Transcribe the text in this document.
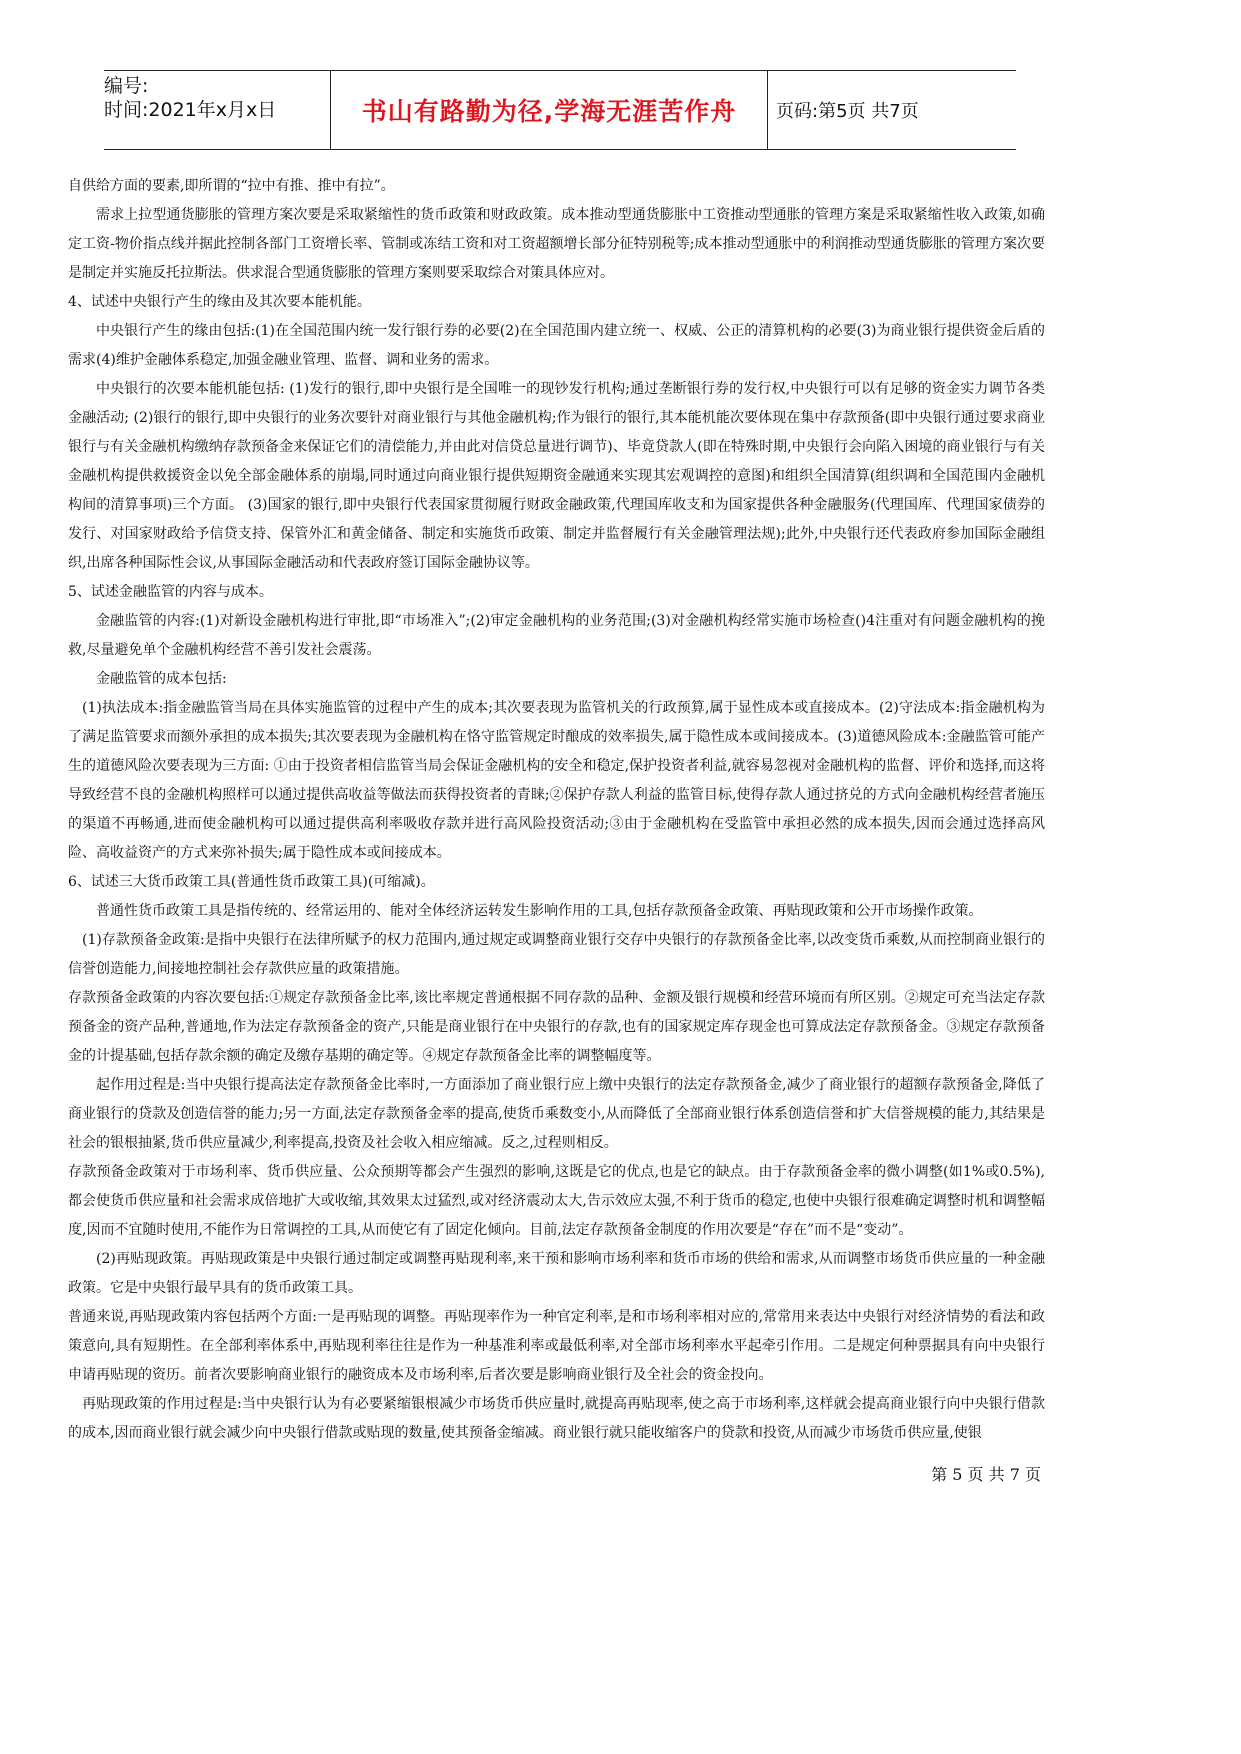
编号:
时间:2021年x月x日	书山有路勤为径,学海无涯苦作舟 页码:第5页 共7页

自供给方面的要素,即所谓的“拉中有推、推中有拉”。

需求上拉型通货膨胀的管理方案次要是采取紧缩性的货币政策和财政政策。成本推动型通货膨胀中工资推动型通胀的管理方案是采取紧缩性收入政策,如确定工资-物价指点线并据此控制各部门工资增长率、管制或冻结工资和对工资超额增长部分征特别税等;成本推动型通胀中的利润推动型通货膨胀的管理方案次要是制定并实施反托拉斯法。供求混合型通货膨胀的管理方案则要采取综合对策具体应对。

4、试述中央银行产生的缘由及其次要本能机能。

中央银行产生的缘由包括:(1)在全国范围内统一发行银行券的必要(2)在全国范围内建立统一、权威、公正的清算机构的必要(3)为商业银行提供资金后盾的需求(4)维护金融体系稳定,加强金融业管理、监督、调和业务的需求。

中央银行的次要本能机能包括: (1)发行的银行,即中央银行是全国唯一的现钞发行机构;通过垄断银行券的发行权,中央银行可以有足够的资金实力调节各类金融活动; (2)银行的银行,即中央银行的业务次要针对商业银行与其他金融机构;作为银行的银行,其本能机能次要体现在集中存款预备(即中央银行通过要求商业银行与有关金融机构缴纳存款预备金来保证它们的清偿能力,并由此对信贷总量进行调节)、毕竟贷款人(即在特殊时期,中央银行会向陷入困境的商业银行与有关金融机构提供救援资金以免全部金融体系的崩塌,同时通过向商业银行提供短期资金融通来实现其宏观调控的意图)和组织全国清算(组织调和全国范围内金融机构间的清算事项)三个方面。 (3)国家的银行,即中央银行代表国家贯彻履行财政金融政策,代理国库收支和为国家提供各种金融服务(代理国库、代理国家债券的发行、对国家财政给予信贷支持、保管外汇和黄金储备、制定和实施货币政策、制定并监督履行有关金融管理法规);此外,中央银行还代表政府参加国际金融组织,出席各种国际性会议,从事国际金融活动和代表政府签订国际金融协议等。

5、试述金融监管的内容与成本。

金融监管的内容:(1)对新设金融机构进行审批,即“市场准入”;(2)审定金融机构的业务范围;(3)对金融机构经常实施市场检查()4注重对有问题金融机构的挽救,尽量避免单个金融机构经营不善引发社会震荡。

金融监管的成本包括:

(1)执法成本:指金融监管当局在具体实施监管的过程中产生的成本;其次要表现为监管机关的行政预算,属于显性成本或直接成本。(2)守法成本:指金融机构为了满足监管要求而额外承担的成本损失;其次要表现为金融机构在恪守监管规定时酿成的效率损失,属于隐性成本或间接成本。(3)道德风险成本:金融监管可能产生的道德风险次要表现为三方面: ①由于投资者相信监管当局会保证金融机构的安全和稳定,保护投资者利益,就容易忽视对金融机构的监督、评价和选择,而这将导致经营不良的金融机构照样可以通过提供高收益等做法而获得投资者的青睐;②保护存款人利益的监管目标,使得存款人通过挤兑的方式向金融机构经营者施压的渠道不再畅通,进而使金融机构可以通过提供高利率吸收存款并进行高风险投资活动;③由于金融机构在受监管中承担必然的成本损失,因而会通过选择高风险、高收益资产的方式来弥补损失;属于隐性成本或间接成本。

6、试述三大货币政策工具(普通性货币政策工具)(可缩减)。

普通性货币政策工具是指传统的、经常运用的、能对全体经济运转发生影响作用的工具,包括存款预备金政策、再贴现政策和公开市场操作政策。

(1)存款预备金政策:是指中央银行在法律所赋予的权力范围内,通过规定或调整商业银行交存中央银行的存款预备金比率,以改变货币乘数,从而控制商业银行的信誉创造能力,间接地控制社会存款供应量的政策措施。

存款预备金政策的内容次要包括:①规定存款预备金比率,该比率规定普通根据不同存款的品种、金额及银行规模和经营环境而有所区别。②规定可充当法定存款预备金的资产品种,普通地,作为法定存款预备金的资产,只能是商业银行在中央银行的存款,也有的国家规定库存现金也可算成法定存款预备金。③规定存款预备金的计提基础,包括存款余额的确定及缴存基期的确定等。④规定存款预备金比率的调整幅度等。

起作用过程是:当中央银行提高法定存款预备金比率时,一方面添加了商业银行应上缴中央银行的法定存款预备金,减少了商业银行的超额存款预备金,降低了商业银行的贷款及创造信誉的能力;另一方面,法定存款预备金率的提高,使货币乘数变小,从而降低了全部商业银行体系创造信誉和扩大信誉规模的能力,其结果是社会的银根抽紧,货币供应量减少,利率提高,投资及社会收入相应缩减。反之,过程则相反。

存款预备金政策对于市场利率、货币供应量、公众预期等都会产生强烈的影响,这既是它的优点,也是它的缺点。由于存款预备金率的微小调整(如1%或0.5%),都会使货币供应量和社会需求成倍地扩大或收缩,其效果太过猛烈,或对经济震动太大,告示效应太强,不利于货币的稳定,也使中央银行很难确定调整时机和调整幅度,因而不宜随时使用,不能作为日常调控的工具,从而使它有了固定化倾向。目前,法定存款预备金制度的作用次要是“存在”而不是“变动”。

(2)再贴现政策。再贴现政策是中央银行通过制定或调整再贴现利率,来干预和影响市场利率和货币市场的供给和需求,从而调整市场货币供应量的一种金融政策。它是中央银行最早具有的货币政策工具。

普通来说,再贴现政策内容包括两个方面:一是再贴现的调整。再贴现率作为一种官定利率,是和市场利率相对应的,常常用来表达中央银行对经济情势的看法和政策意向,具有短期性。在全部利率体系中,再贴现利率往往是作为一种基准利率或最低利率,对全部市场利率水平起牵引作用。二是规定何种票据具有向中央银行申请再贴现的资历。前者次要影响商业银行的融资成本及市场利率,后者次要是影响商业银行及全社会的资金投向。

再贴现政策的作用过程是:当中央银行认为有必要紧缩银根减少市场货币供应量时,就提高再贴现率,使之高于市场利率,这样就会提高商业银行向中央银行借款的成本,因而商业银行就会减少向中央银行借款或贴现的数量,使其预备金缩减。商业银行就只能收缩客户的贷款和投资,从而减少市场货币供应量,使银

第 5 页 共 7 页
